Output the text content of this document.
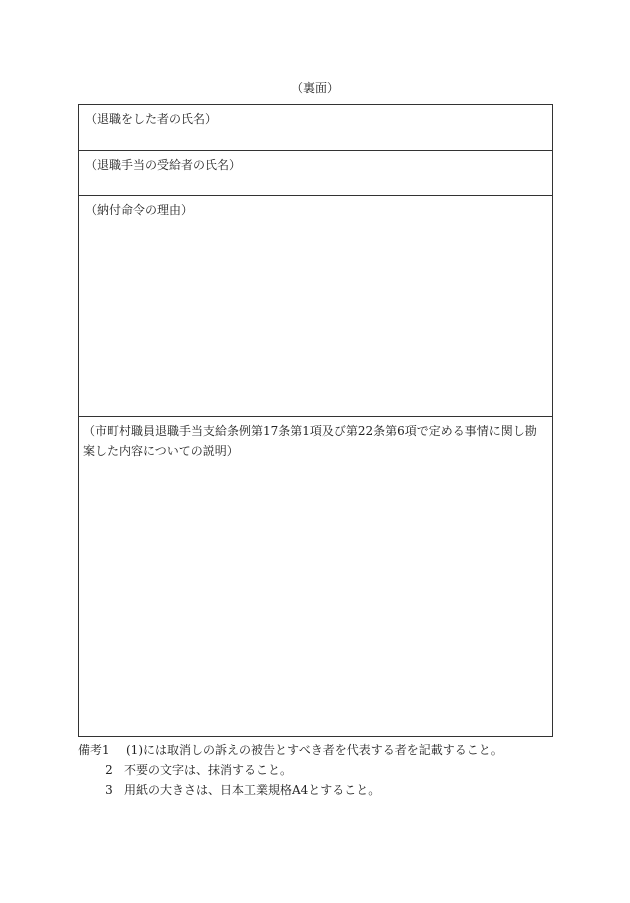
（裏面）
（退職をした者の氏名）
（退職手当の受給者の氏名）
（納付命令の理由）
（市町村職員退職手当支給条例第17条第1項及び第22条第6項で定める事情に関し勘案した内容についての説明）
備考1	(1)には取消しの訴えの被告とすべき者を代表する者を記載すること。
2 不要の文字は、抹消すること。
3 用紙の大きさは、日本工業規格A4とすること。
